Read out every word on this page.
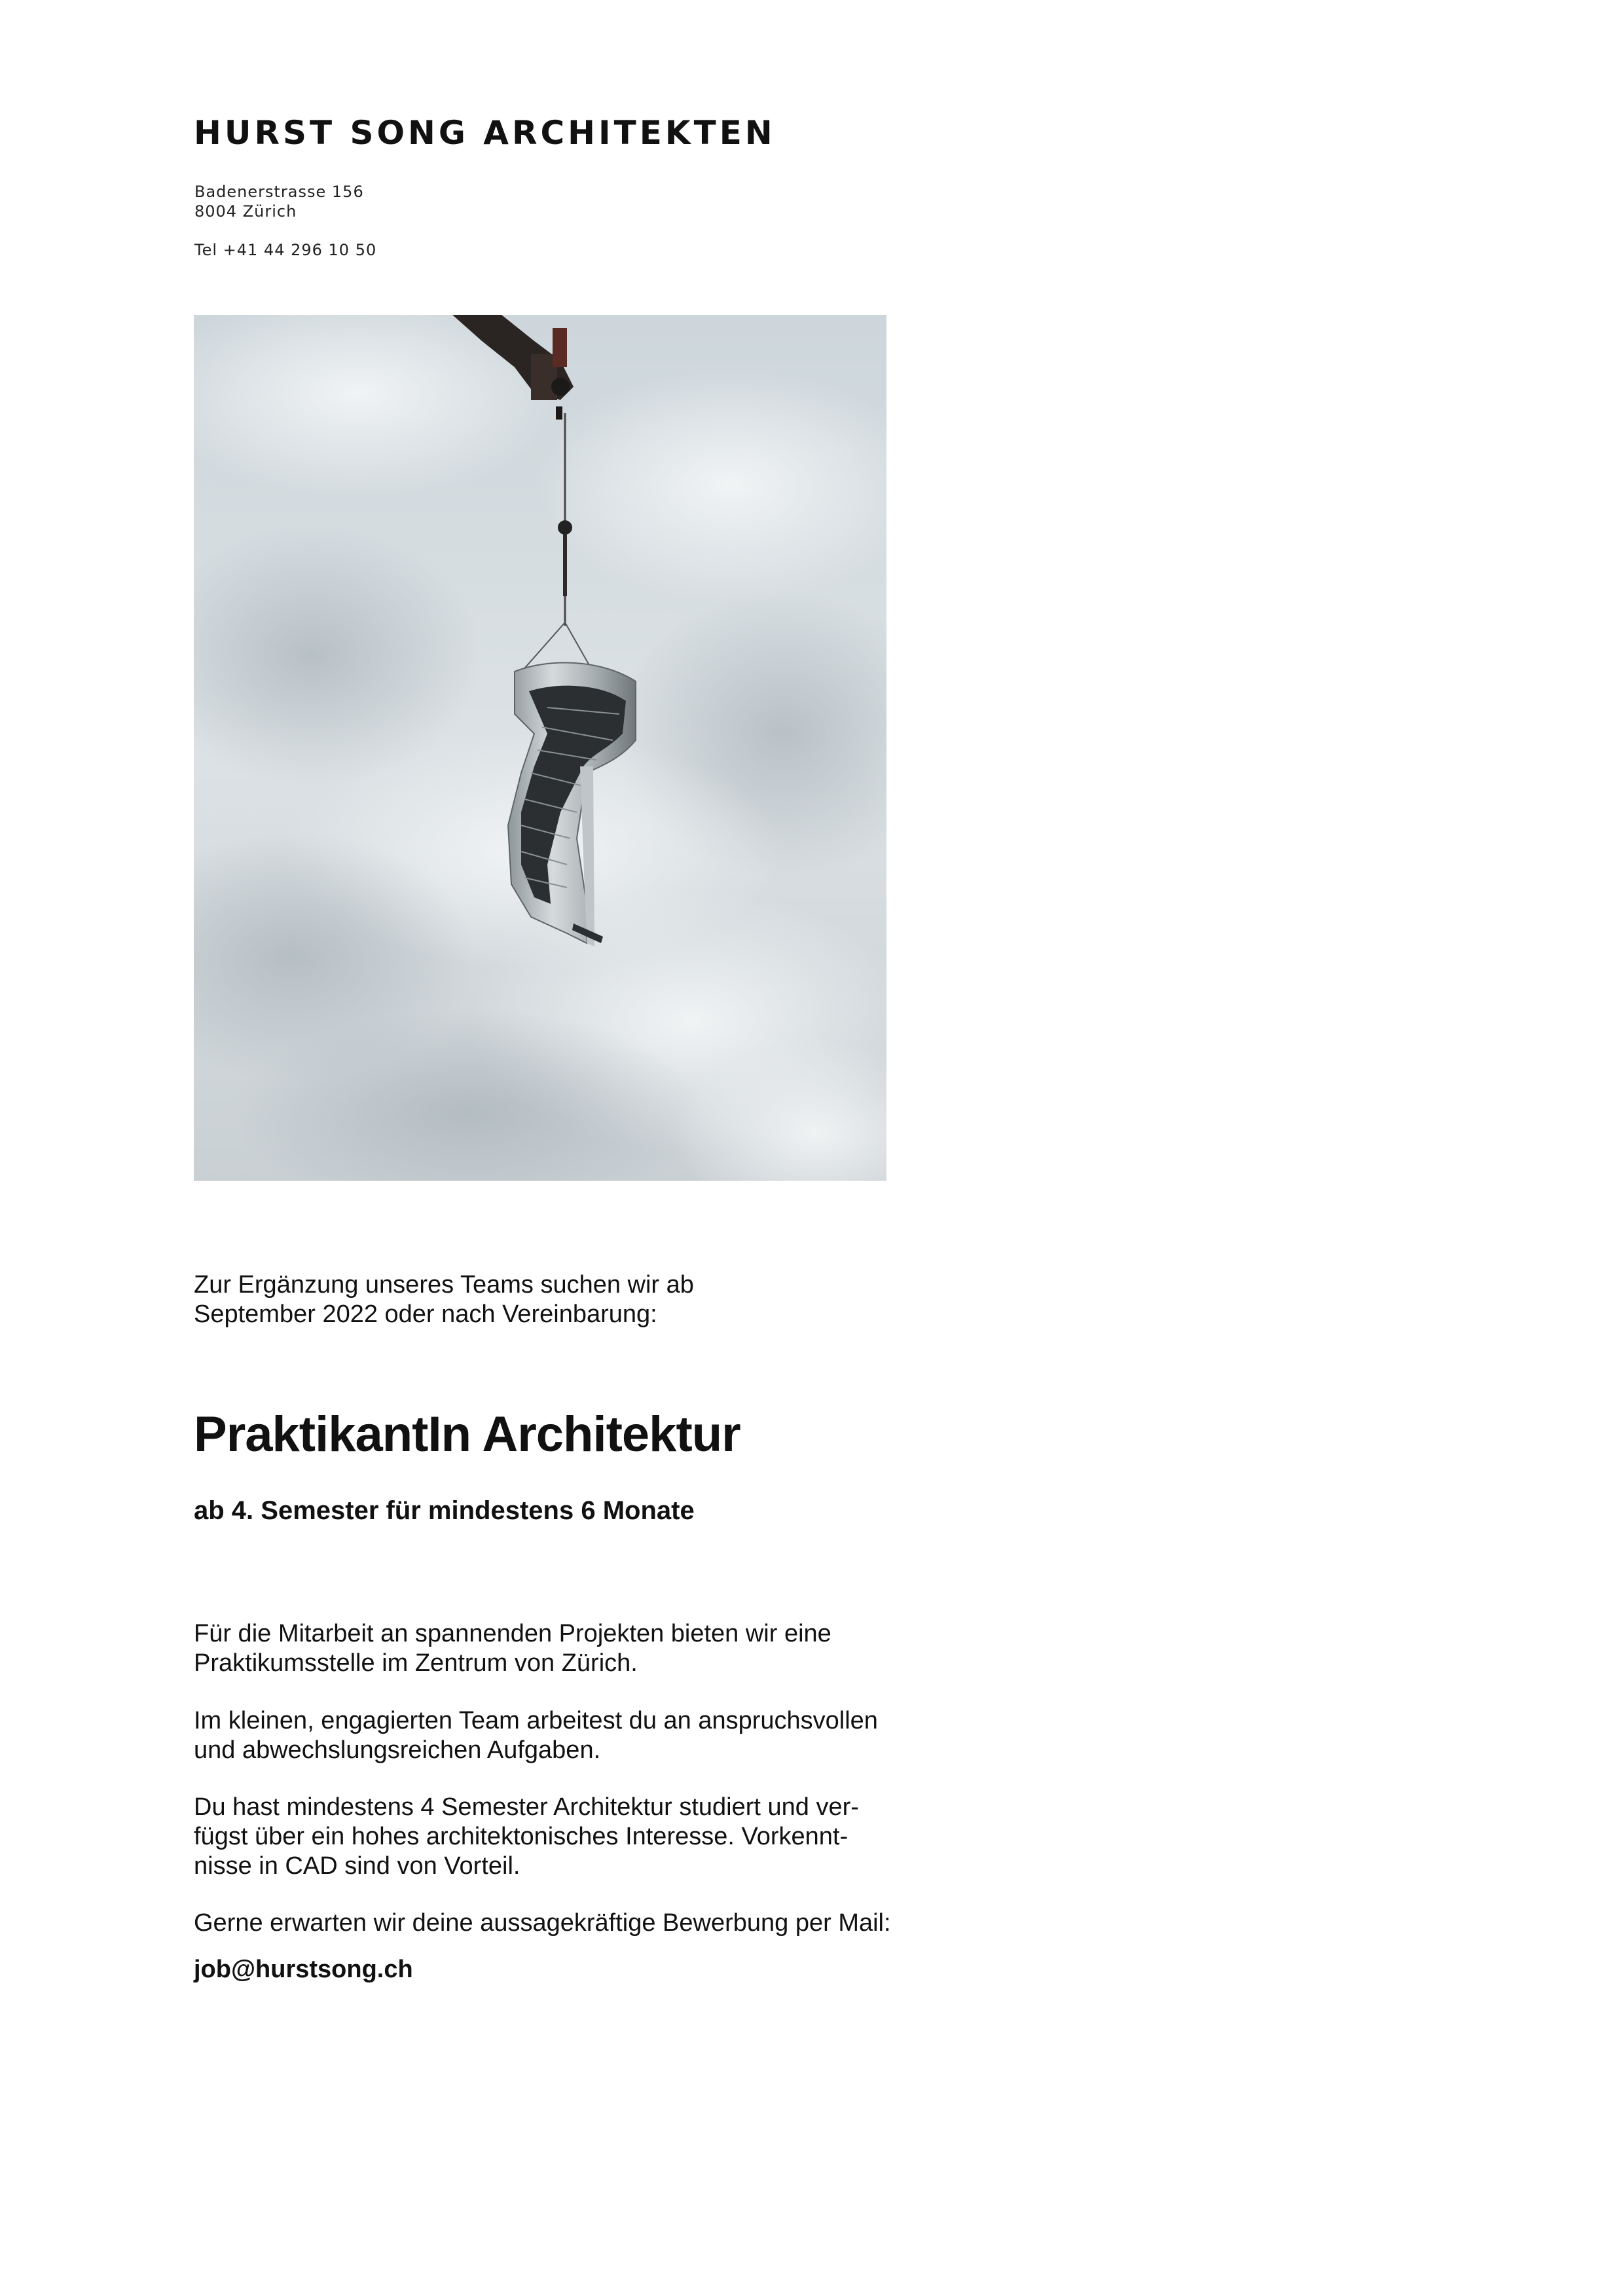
HURST SONG ARCHITEKTEN
Badenerstrasse 156
8004 Zürich
Tel +41 44 296 10 50
Zur Ergänzung unseres Teams suchen wir ab
September 2022 oder nach Vereinbarung:
PraktikantIn Architektur
ab 4. Semester für mindestens 6 Monate
Für die Mitarbeit an spannenden Projekten bieten wir eine
Praktikumsstelle im Zentrum von Zürich.
Im kleinen, engagierten Team arbeitest du an anspruchsvollen
und abwechslungsreichen Aufgaben.
Du hast mindestens 4 Semester Architektur studiert und ver-
fügst über ein hohes architektonisches Interesse. Vorkennt-
nisse in CAD sind von Vorteil.
Gerne erwarten wir deine aussagekräftige Bewerbung per Mail:
job@hurstsong.ch
